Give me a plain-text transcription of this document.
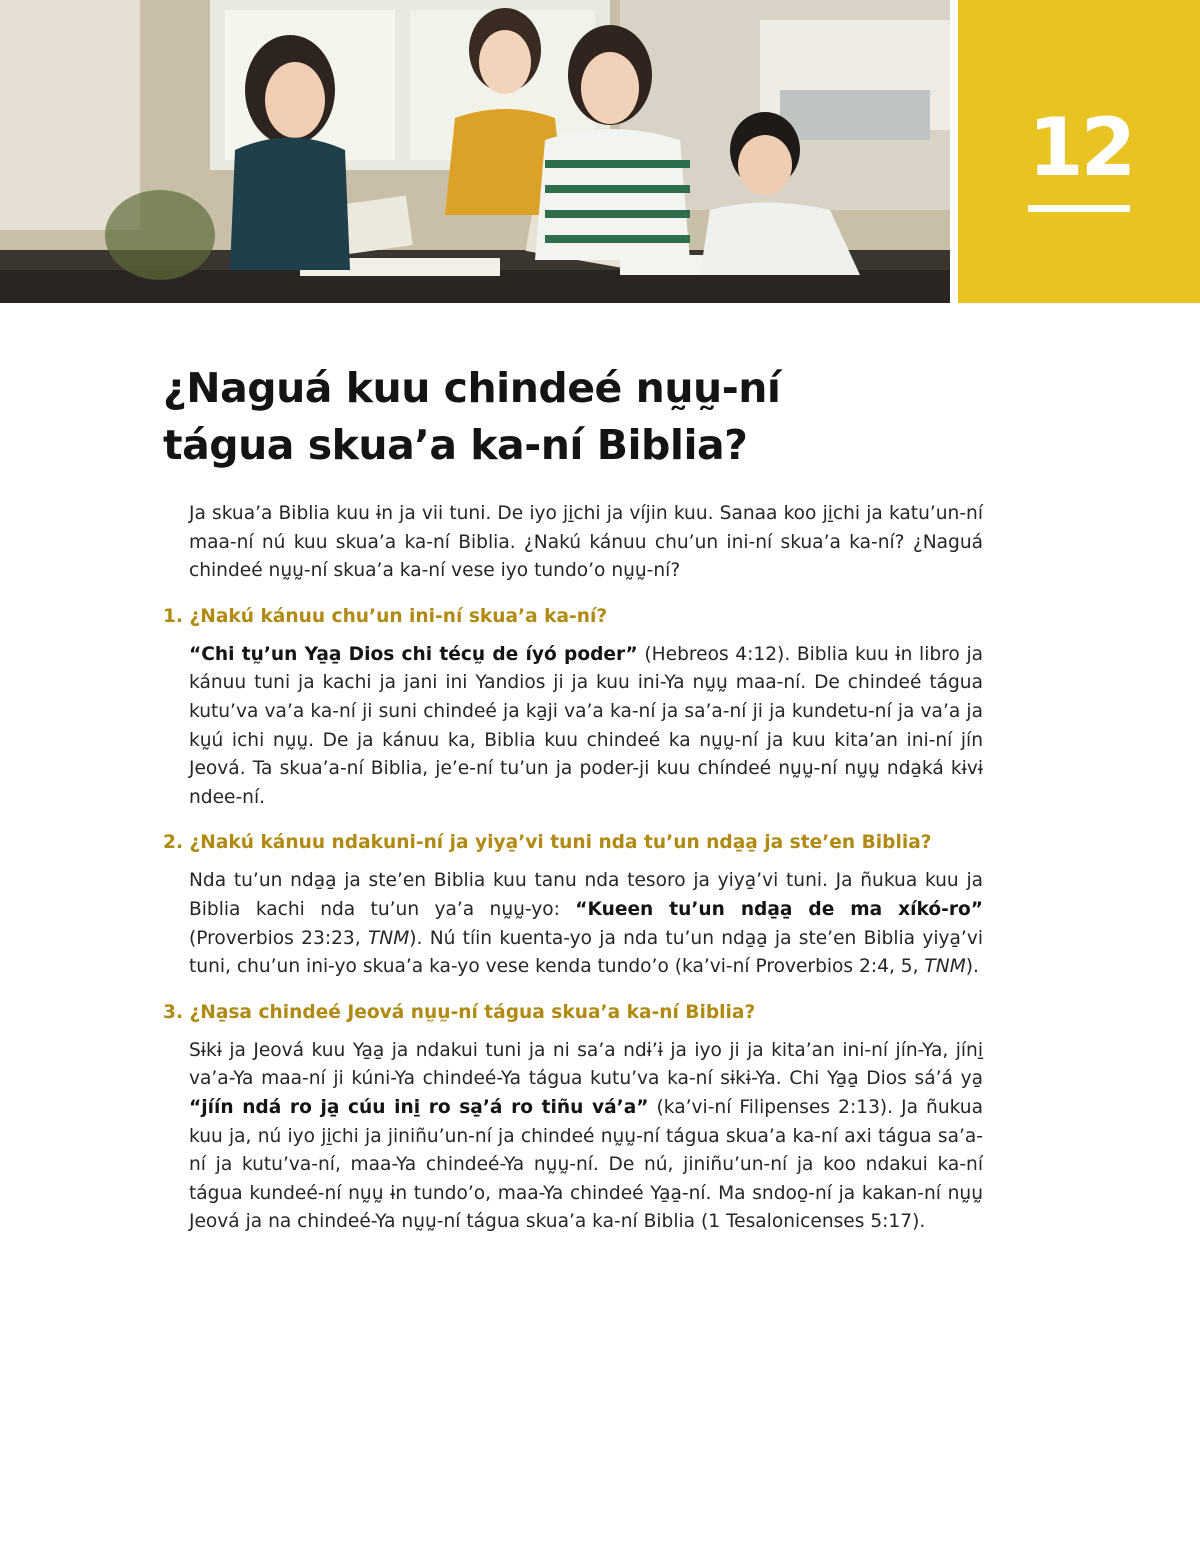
12
¿Naguá kuu chindeé nṵṵ-ní
tágua skua’a ka-ní Biblia?

Ja skua’a Biblia kuu ɨn ja vii tuni. De iyo ji̱chi ja víjin kuu. Sanaa koo ji̱chi ja katu’un-ní maa-ní nú kuu skua’a ka-ní Biblia. ¿Nakú kánuu chu’un ini-ní skua’a ka-ní? ¿Naguá chindeé nṵṵ-ní skua’a ka-ní vese iyo tundo’o nṵṵ-ní?

1. ¿Nakú kánuu chu’un ini-ní skua’a ka-ní?

“Chi tṵ’un Ya̱a̱ Dios chi técṵ de íyó poder” (Hebreos 4:12). Biblia kuu ɨn libro ja kánuu tuni ja kachi ja jani ini Yandios ji ja kuu ini-Ya nṵṵ maa-ní. De chindeé tágua kutu’va va’a ka-ní ji suni chindeé ja ka̱ji va’a ka-ní ja sa’a-ní ji ja kundetu-ní ja va’a ja kṵú ichi nṵṵ. De ja kánuu ka, Biblia kuu chindeé ka nṵṵ-ní ja kuu kita’an ini-ní jín Jeová. Ta skua’a-ní Biblia, je’e-ní tu’un ja poder-ji kuu chíndeé nṵṵ-ní nṵṵ nda̱ká kɨvɨ ndee-ní.

2. ¿Nakú kánuu ndakuni-ní ja yiya̱’vi tuni nda tu’un nda̱a̱ ja ste’en Biblia?

Nda tu’un nda̱a̱ ja ste’en Biblia kuu tanu nda tesoro ja yiya̱’vi tuni. Ja ñukua kuu ja Biblia kachi nda tu’un ya’a nṵṵ-yo: “Kueen tu’un nda̱a̱ de ma xíkó-ro” (Proverbios 23:23, TNM). Nú tíin kuenta-yo ja nda tu’un nda̱a̱ ja ste’en Biblia yiya̱’vi tuni, chu’un ini-yo skua’a ka-yo vese kenda tundo’o (ka’vi-ní Proverbios 2:4, 5, TNM).

3. ¿Na̱sa chindeé Jeová nṵṵ-ní tágua skua’a ka-ní Biblia?

Sɨkɨ ja Jeová kuu Ya̱a̱ ja ndakui tuni ja ni sa’a ndɨ’ɨ ja iyo ji ja kita’an ini-ní jín-Ya, jíni̱ va’a-Ya maa-ní ji kúni-Ya chindeé-Ya tágua kutu’va ka-ní sɨkɨ-Ya. Chi Ya̱a̱ Dios sá’á ya̱ “jíín ndá ro ja̱ cúu ini̱ ro sa̱’á ro tiñu vá’a” (ka’vi-ní Filipenses 2:13). Ja ñukua kuu ja, nú iyo ji̱chi ja jiniñu’un-ní ja chindeé nṵṵ-ní tágua skua’a ka-ní axi tágua sa’a-ní ja kutu’va-ní, maa-Ya chindeé-Ya nṵṵ-ní. De nú, jiniñu’un-ní ja koo ndakui ka-ní tágua kundeé-ní nṵṵ ɨn tundo’o, maa-Ya chindeé Ya̱a̱-ní. Ma sndoo̱-ní ja kakan-ní nṵṵ Jeová ja na chindeé-Ya nṵṵ-ní tágua skua’a ka-ní Biblia (1 Tesalonicenses 5:17).
